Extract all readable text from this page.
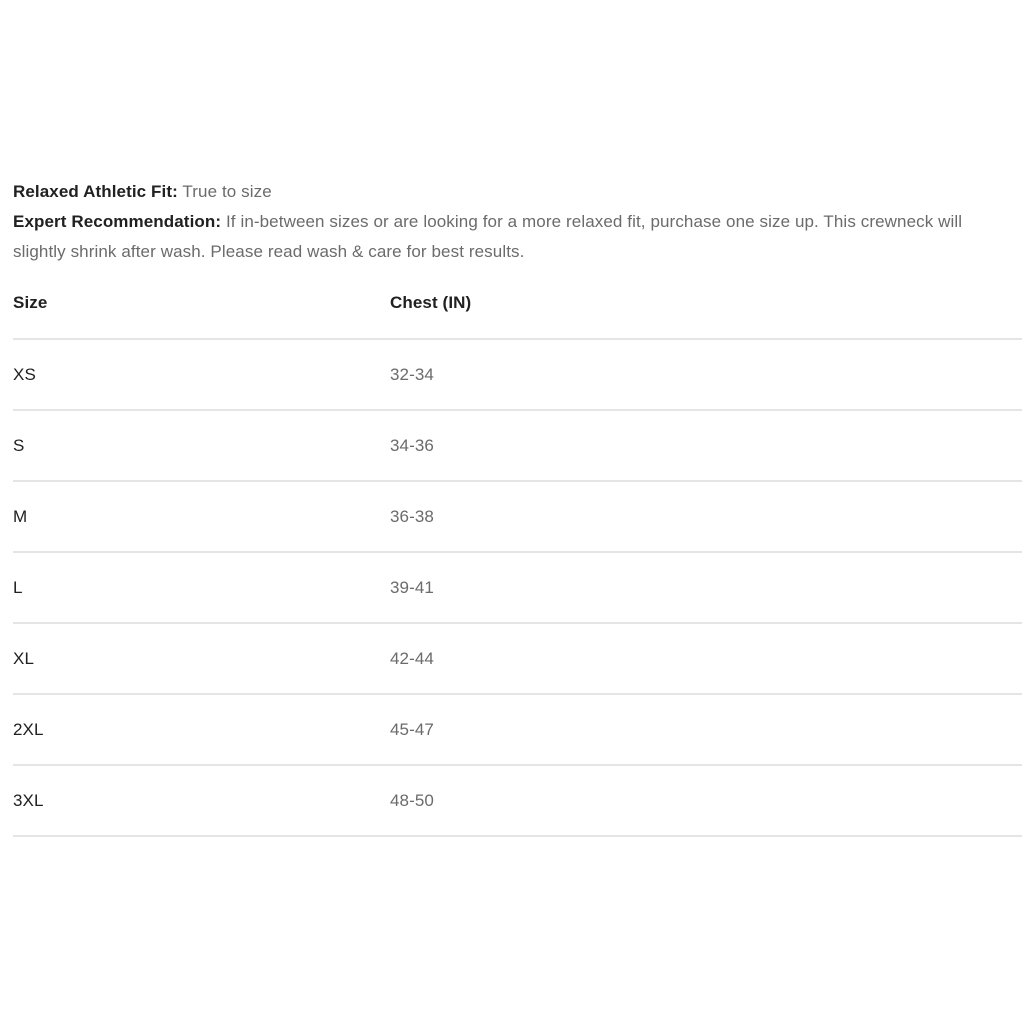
Relaxed Athletic Fit: True to size

Expert Recommendation: If in-between sizes or are looking for a more relaxed fit, purchase one size up. This crewneck will slightly shrink after wash. Please read wash & care for best results.

Size	Chest (IN)
XS	32-34
S	34-36
M	36-38
L	39-41
XL	42-44
2XL	45-47
3XL	48-50
